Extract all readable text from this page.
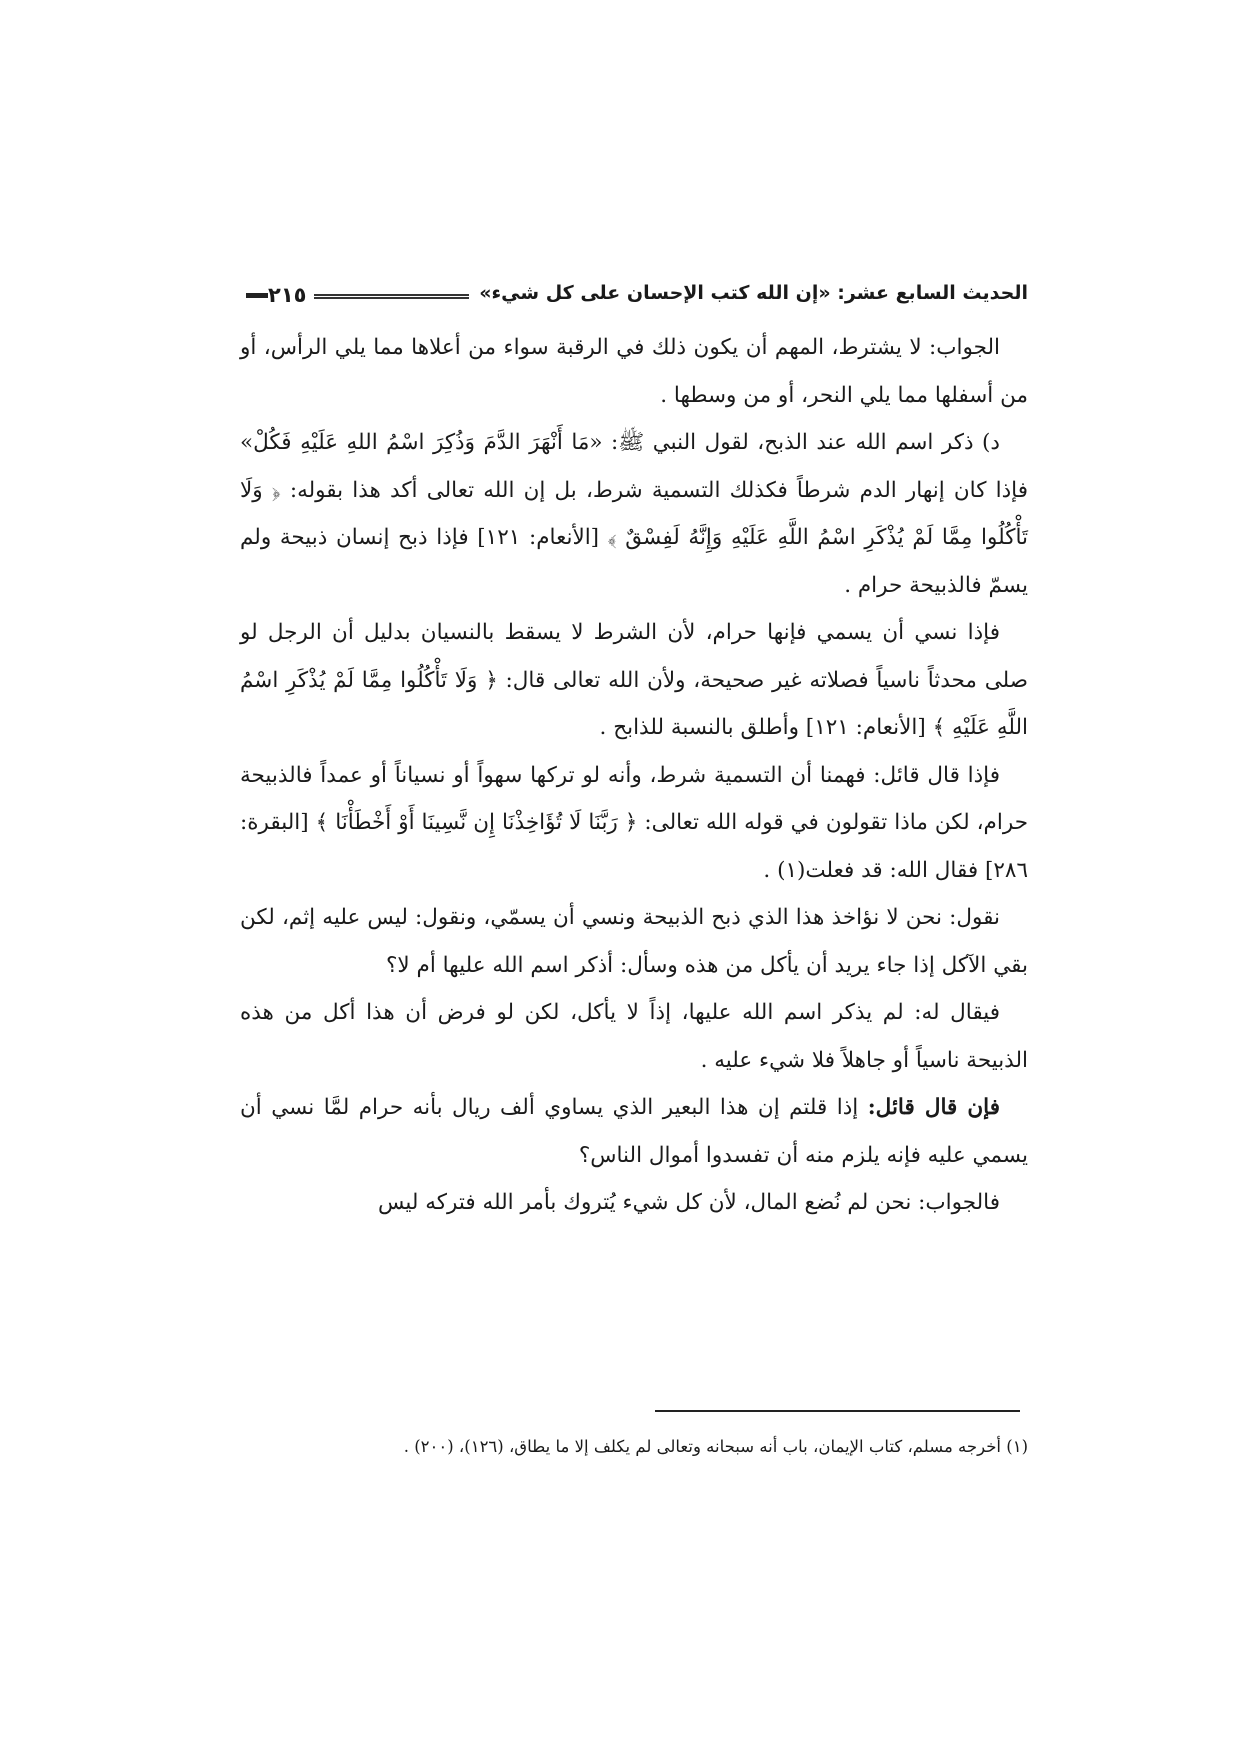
الحديث السابع عشر: «إن الله كتب الإحسان على كل شيء»
٢١٥

الجواب: لا يشترط، المهم أن يكون ذلك في الرقبة سواء من أعلاها مما يلي الرأس، أو من أسفلها مما يلي النحر، أو من وسطها .

د) ذكر اسم الله عند الذبح، لقول النبي ﷺ: «مَا أَنْهَرَ الدَّمَ وَذُكِرَ اسْمُ اللهِ عَلَيْهِ فَكُلْ» فإذا كان إنهار الدم شرطاً فكذلك التسمية شرط، بل إن الله تعالى أكد هذا بقوله: ﴿ وَلَا تَأْكُلُوا مِمَّا لَمْ يُذْكَرِ اسْمُ اللَّهِ عَلَيْهِ وَإِنَّهُ لَفِسْقٌ ﴾ [الأنعام: ١٢١] فإذا ذبح إنسان ذبيحة ولم يسمّ فالذبيحة حرام .

فإذا نسي أن يسمي فإنها حرام، لأن الشرط لا يسقط بالنسيان بدليل أن الرجل لو صلى محدثاً ناسياً فصلاته غير صحيحة، ولأن الله تعالى قال: ﴿ وَلَا تَأْكُلُوا مِمَّا لَمْ يُذْكَرِ اسْمُ اللَّهِ عَلَيْهِ ﴾ [الأنعام: ١٢١] وأطلق بالنسبة للذابح .

فإذا قال قائل: فهمنا أن التسمية شرط، وأنه لو تركها سهواً أو نسياناً أو عمداً فالذبيحة حرام، لكن ماذا تقولون في قوله الله تعالى: ﴿ رَبَّنَا لَا تُؤَاخِذْنَا إِن نَّسِينَا أَوْ أَخْطَأْنَا ﴾ [البقرة: ٢٨٦] فقال الله: قد فعلت(١) .

نقول: نحن لا نؤاخذ هذا الذي ذبح الذبيحة ونسي أن يسمّي، ونقول: ليس عليه إثم، لكن بقي الآكل إذا جاء يريد أن يأكل من هذه وسأل: أذكر اسم الله عليها أم لا؟

فيقال له: لم يذكر اسم الله عليها، إذاً لا يأكل، لكن لو فرض أن هذا أكل من هذه الذبيحة ناسياً أو جاهلاً فلا شيء عليه .

فإن قال قائل: إذا قلتم إن هذا البعير الذي يساوي ألف ريال بأنه حرام لمَّا نسي أن يسمي عليه فإنه يلزم منه أن تفسدوا أموال الناس؟

فالجواب: نحن لم نُضع المال، لأن كل شيء يُتروك بأمر الله فتركه ليس

(١) أخرجه مسلم، كتاب الإيمان، باب أنه سبحانه وتعالى لم يكلف إلا ما يطاق، (١٢٦)، (٢٠٠) .
